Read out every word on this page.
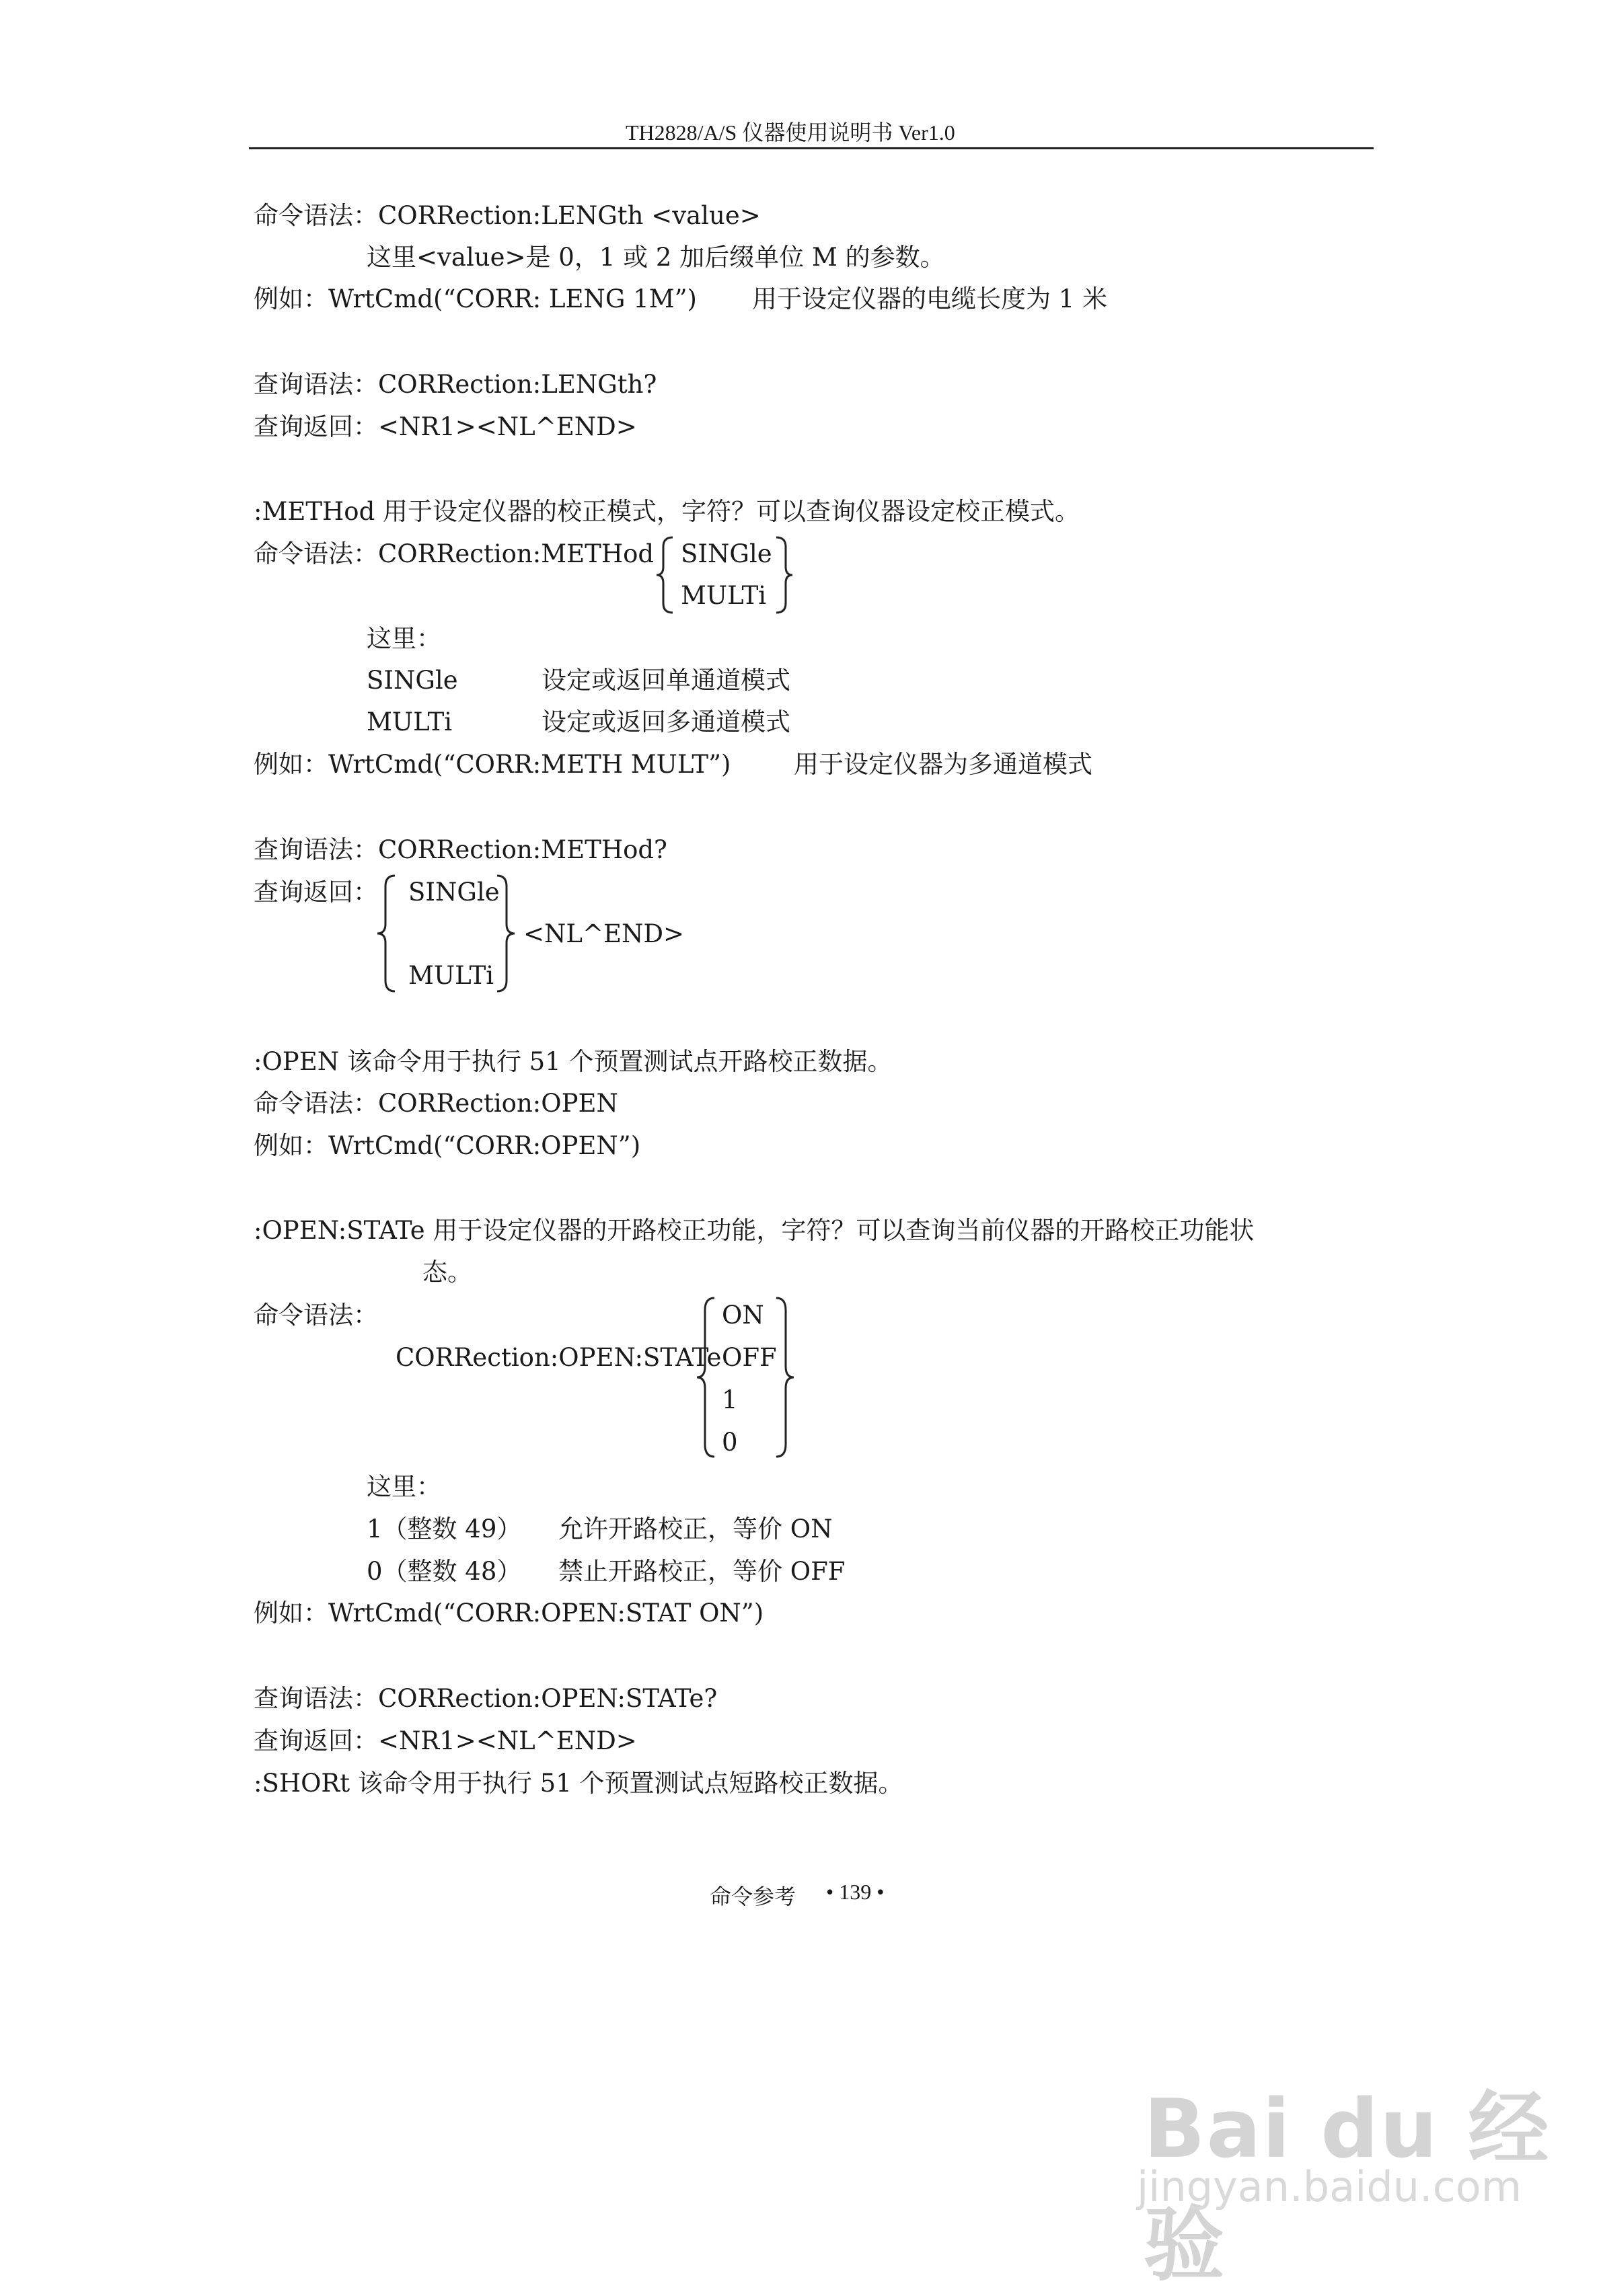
TH2828/A/S 仪器使用说明书 Ver1.0
命令语法：CORRection:LENGth <value>
这里<value>是 0，1 或 2 加后缀单位 M 的参数。
例如：WrtCmd(“CORR: LENG 1M”) 用于设定仪器的电缆长度为 1 米
查询语法：CORRection:LENGth?
查询返回：<NR1><NL^END>
:METHod 用于设定仪器的校正模式，字符？可以查询仪器设定校正模式。
命令语法：CORRection:METHod SINGle
MULTi
这里：
SINGle	设定或返回单通道模式
MULTi	设定或返回多通道模式
例如：WrtCmd(“CORR:METH MULT”)	用于设定仪器为多通道模式
查询语法：CORRection:METHod?
查询返回： SINGle
MULTi
<NL^END>
:OPEN 该命令用于执行 51 个预置测试点开路校正数据。
命令语法：CORRection:OPEN
例如：WrtCmd(“CORR:OPEN”)
:OPEN:STATe 用于设定仪器的开路校正功能，字符？可以查询当前仪器的开路校正功能状
态。
命令语法：
CORRection:OPEN:STATe
ON
OFF
1
0
这里：
1（整数 49） 允许开路校正，等价 ON
0（整数 48） 禁止开路校正，等价 OFF
例如：WrtCmd(“CORR:OPEN:STAT ON”)
查询语法：CORRection:OPEN:STATe?
查询返回：<NR1><NL^END>
:SHORt 该命令用于执行 51 个预置测试点短路校正数据。
命令参考 • 139 •
Bai du 经验
jingyan.baidu.com
